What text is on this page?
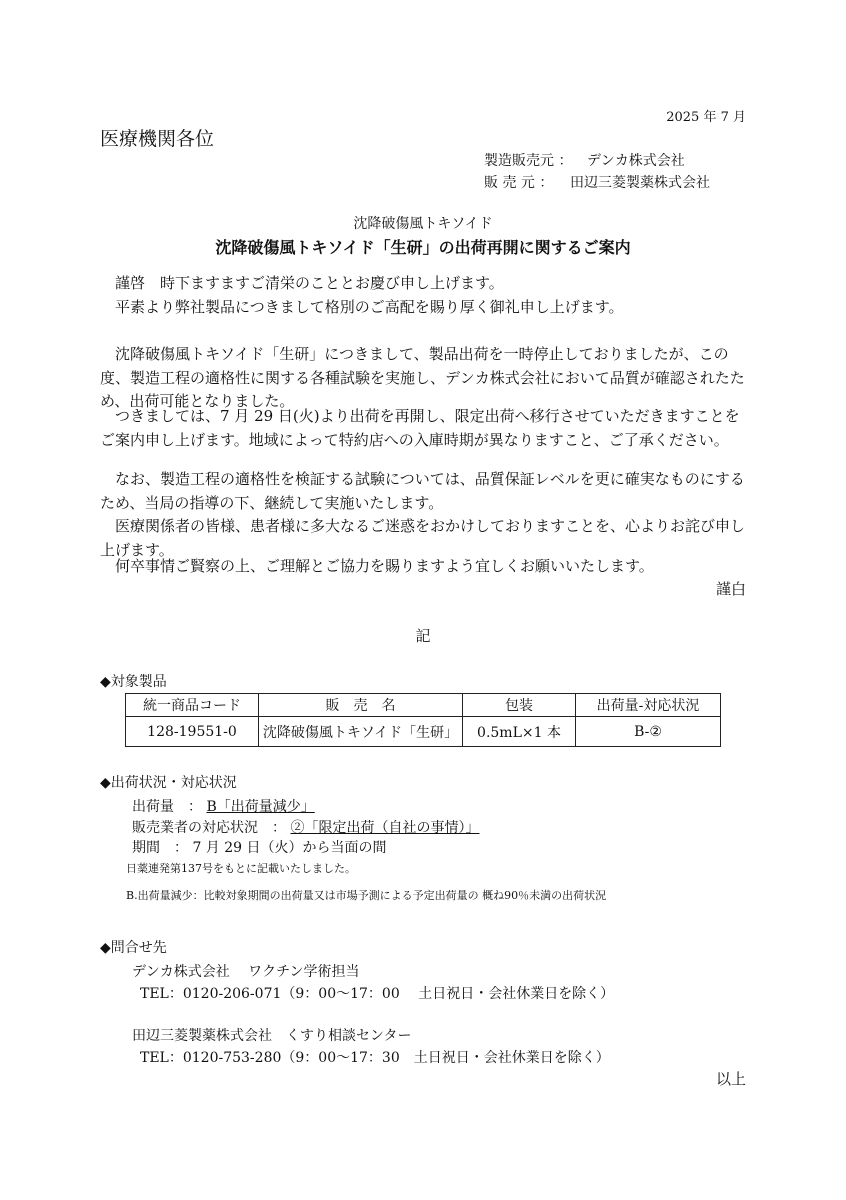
2025 年 7 月
医療機関各位
製造販売元 ： デンカ株式会社
販 売 元 ： 田辺三菱製薬株式会社
沈降破傷風トキソイド
沈降破傷風トキソイド「生研」の出荷再開に関するご案内
謹啓　時下ますますご清栄のこととお慶び申し上げます。
平素より弊社製品につきまして格別のご高配を賜り厚く御礼申し上げます。
沈降破傷風トキソイド「生研」につきまして、製品出荷を一時停止しておりましたが、この度、製造工程の適格性に関する各種試験を実施し、デンカ株式会社において品質が確認されたため、出荷可能となりました。
つきましては、7 月 29 日(火)より出荷を再開し、限定出荷へ移行させていただきますことをご案内申し上げます。地域によって特約店への入庫時期が異なりますこと、ご了承ください。
なお、製造工程の適格性を検証する試験については、品質保証レベルを更に確実なものにするため、当局の指導の下、継続して実施いたします。
医療関係者の皆様、患者様に多大なるご迷惑をおかけしておりますことを、心よりお詫び申し上げます。
何卒事情ご賢察の上、ご理解とご協力を賜りますよう宜しくお願いいたします。
謹白
記
◆対象製品
統一商品コード	販　売　名	包装	出荷量-対応状況
128-19551-0	沈降破傷風トキソイド「生研」	0.5mL×1 本	B-②
◆出荷状況・対応状況
出荷量　： B「出荷量減少」
販売業者の対応状況　： ②「限定出荷（自社の事情）」
期間　： 7 月 29 日（火）から当面の間
日薬連発第137号をもとに記載いたしました。
B.出荷量減少：比較対象期間の出荷量又は市場予測による予定出荷量の 概ね90％未満の出荷状況
◆問合せ先
デンカ株式会社　 ワクチン学術担当
TEL：0120-206-071（9：00～17：00　 土日祝日・会社休業日を除く）
田辺三菱製薬株式会社　くすり相談センター
TEL：0120-753-280（9：00～17：30　土日祝日・会社休業日を除く）
以上
